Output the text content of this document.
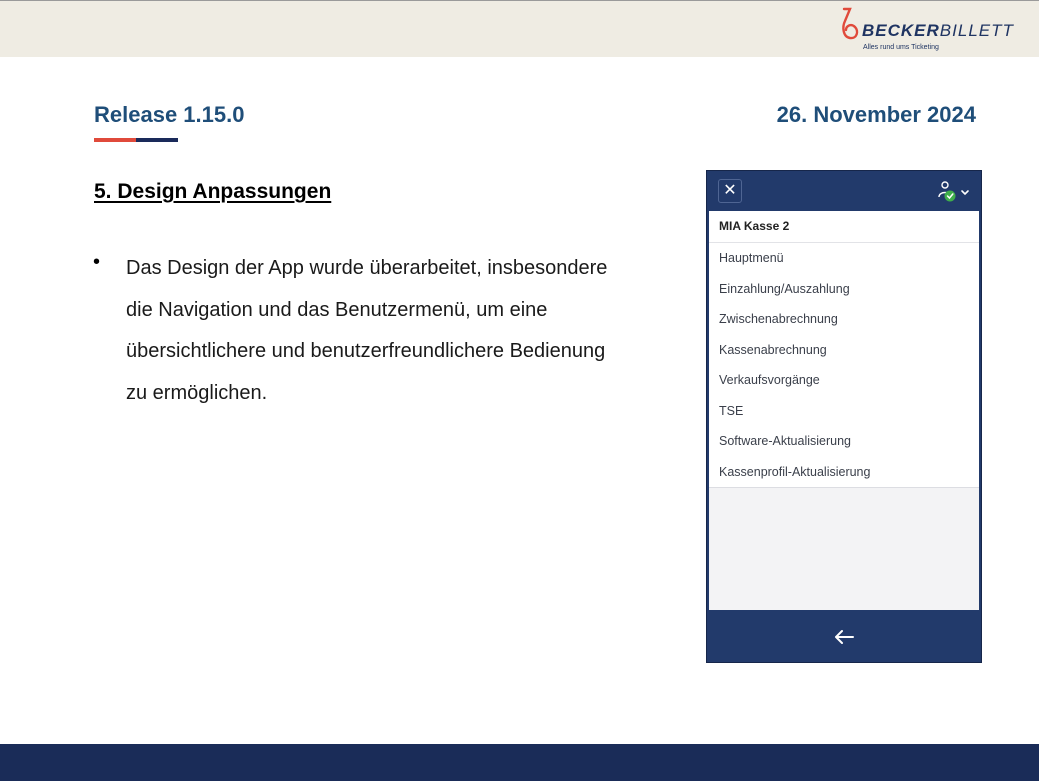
BECKERBILLETT
Alles rund ums Ticketing
Release 1.15.0	26. November 2024
5. Design Anpassungen
• Das Design der App wurde überarbeitet, insbesondere die Navigation und das Benutzermenü, um eine übersichtlichere und benutzerfreundlichere Bedienung zu ermöglichen.
✕
MIA Kasse 2
Hauptmenü
Einzahlung/Auszahlung
Zwischenabrechnung
Kassenabrechnung
Verkaufsvorgänge
TSE
Software-Aktualisierung
Kassenprofil-Aktualisierung
